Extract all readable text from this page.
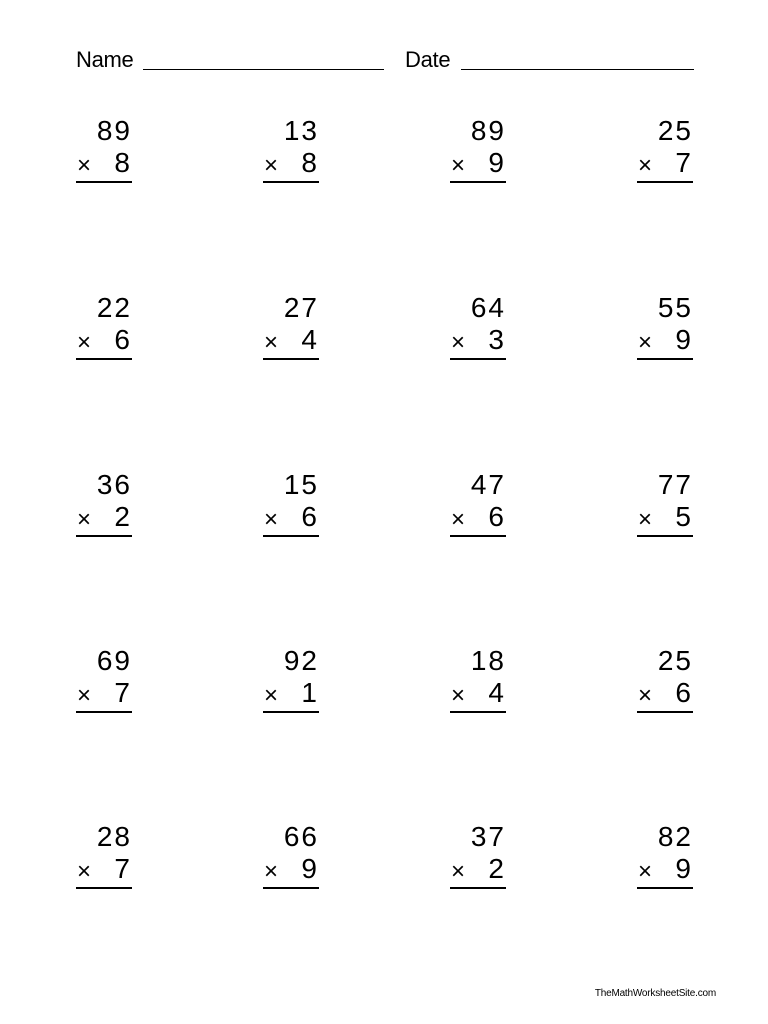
Name	Date
89
× 8
13
× 8
89
× 9
25
× 7
22
× 6
27
× 4
64
× 3
55
× 9
36
× 2
15
× 6
47
× 6
77
× 5
69
× 7
92
× 1
18
× 4
25
× 6
28
× 7
66
× 9
37
× 2
82
× 9
TheMathWorksheetSite.com
